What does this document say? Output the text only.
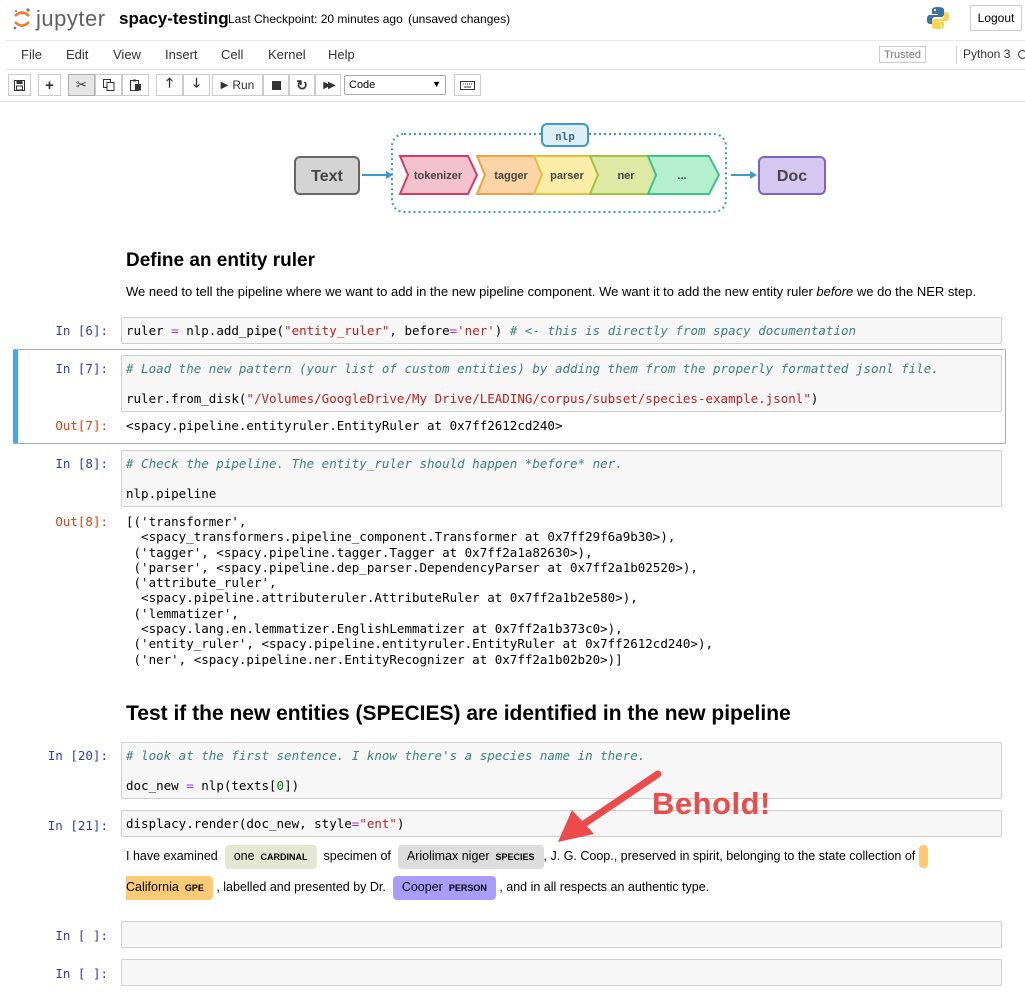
jupyter spacy-testing Last Checkpoint: 20 minutes ago (unsaved changes)	Logout
File Edit View Insert Cell Kernel Help	Trusted	Python 3
+ ✂	🡑 🡓 ▶ Run	↻ ▶▶ Code	▼
Text
nlp
tokenizer	tagger parser	ner	...	Doc
Define an entity ruler
We need to tell the pipeline where we want to add in the new pipeline component. We want it to add the new entity ruler before we do the NER step.
In [6]:	ruler = nlp.add_pipe("entity_ruler", before='ner') # <- this is directly from spacy documentation
In [7]:	# Load the new pattern (your list of custom entities) by adding them from the properly formatted jsonl file.

ruler.from_disk("/Volumes/GoogleDrive/My Drive/LEADING/corpus/subset/species-example.jsonl")
Out[7]: <spacy.pipeline.entityruler.EntityRuler at 0x7ff2612cd240>
In [8]:	# Check the pipeline. The entity_ruler should happen *before* ner.

nlp.pipeline
Out[8]: [('transformer',
<spacy_transformers.pipeline_component.Transformer at 0x7ff29f6a9b30>),
('tagger', <spacy.pipeline.tagger.Tagger at 0x7ff2a1a82630>),
('parser', <spacy.pipeline.dep_parser.DependencyParser at 0x7ff2a1b02520>),
('attribute_ruler',
<spacy.pipeline.attributeruler.AttributeRuler at 0x7ff2a1b2e580>),
('lemmatizer',
<spacy.lang.en.lemmatizer.EnglishLemmatizer at 0x7ff2a1b373c0>),
('entity_ruler', <spacy.pipeline.entityruler.EntityRuler at 0x7ff2612cd240>),
('ner', <spacy.pipeline.ner.EntityRecognizer at 0x7ff2a1b02b20>)]
Test if the new entities (SPECIES) are identified in the new pipeline
In [20]:	# look at the first sentence. I know there's a species name in there.

doc_new = nlp(texts[0])
In [21]:	displacy.render(doc_new, style="ent")
I have examined one CARDINAL specimen of Ariolimax niger SPECIES , J. G. Coop., preserved in spirit, belonging to the state collection of
California GPE , labelled and presented by Dr. Cooper PERSON , and in all respects an authentic type.
Behold!
In [ ]:
In [ ]:
